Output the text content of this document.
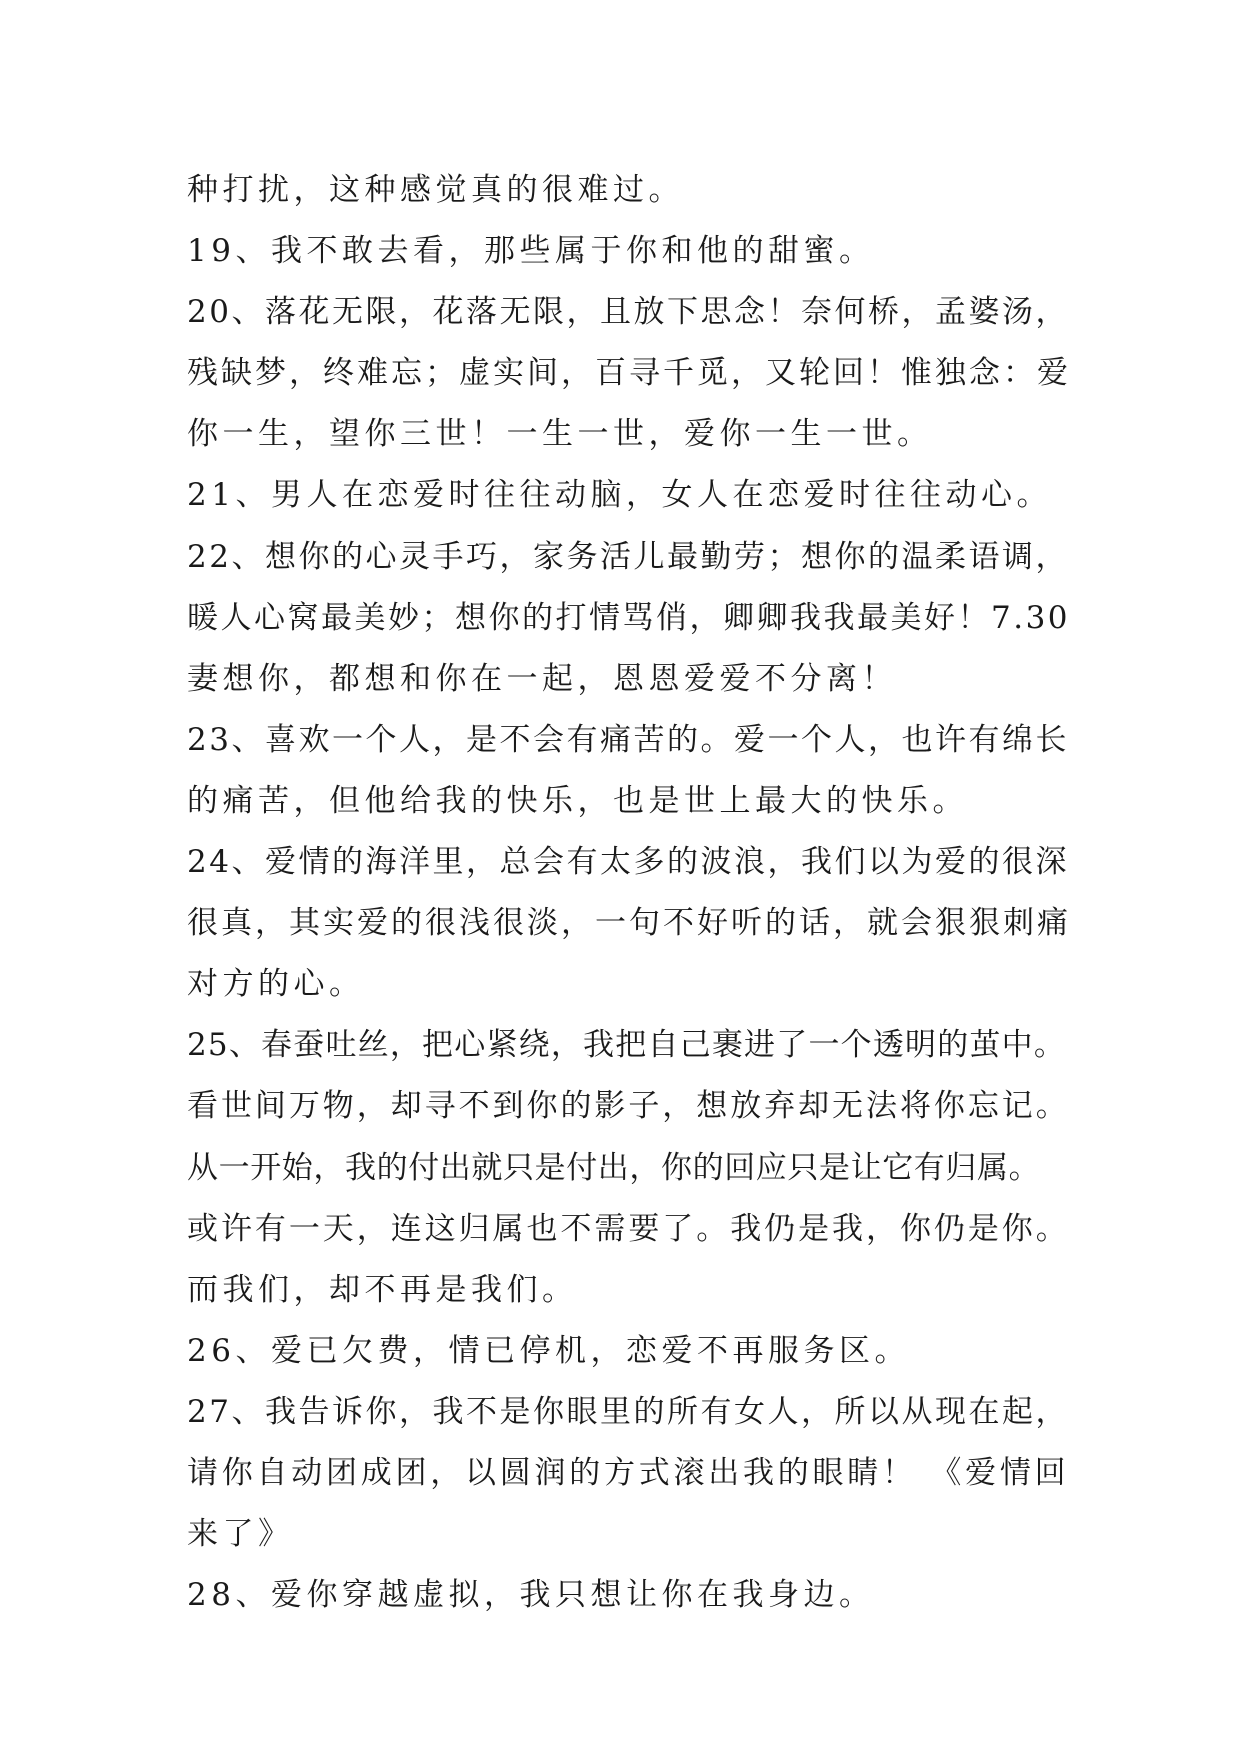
种打扰，这种感觉真的很难过。
19、我不敢去看，那些属于你和他的甜蜜。
20、落花无限，花落无限，且放下思念！奈何桥，孟婆汤，
残缺梦，终难忘；虚实间，百寻千觅，又轮回！惟独念：爱
你一生，望你三世！一生一世，爱你一生一世。
21、男人在恋爱时往往动脑，女人在恋爱时往往动心。
22、想你的心灵手巧，家务活儿最勤劳；想你的温柔语调，
暖人心窝最美妙；想你的打情骂俏，卿卿我我最美好！7.30
妻想你，都想和你在一起，恩恩爱爱不分离！
23、喜欢一个人，是不会有痛苦的。爱一个人，也许有绵长
的痛苦，但他给我的快乐，也是世上最大的快乐。
24、爱情的海洋里，总会有太多的波浪，我们以为爱的很深
很真，其实爱的很浅很淡，一句不好听的话，就会狠狠刺痛
对方的心。
25、春蚕吐丝，把心紧绕，我把自己裹进了一个透明的茧中。
看世间万物，却寻不到你的影子，想放弃却无法将你忘记。
从一开始，我的付出就只是付出，你的回应只是让它有归属。
或许有一天，连这归属也不需要了。我仍是我，你仍是你。
而我们，却不再是我们。
26、爱已欠费，情已停机，恋爱不再服务区。
27、我告诉你，我不是你眼里的所有女人，所以从现在起，
请你自动团成团，以圆润的方式滚出我的眼睛！ 《爱情回
来了》
28、爱你穿越虚拟，我只想让你在我身边。
